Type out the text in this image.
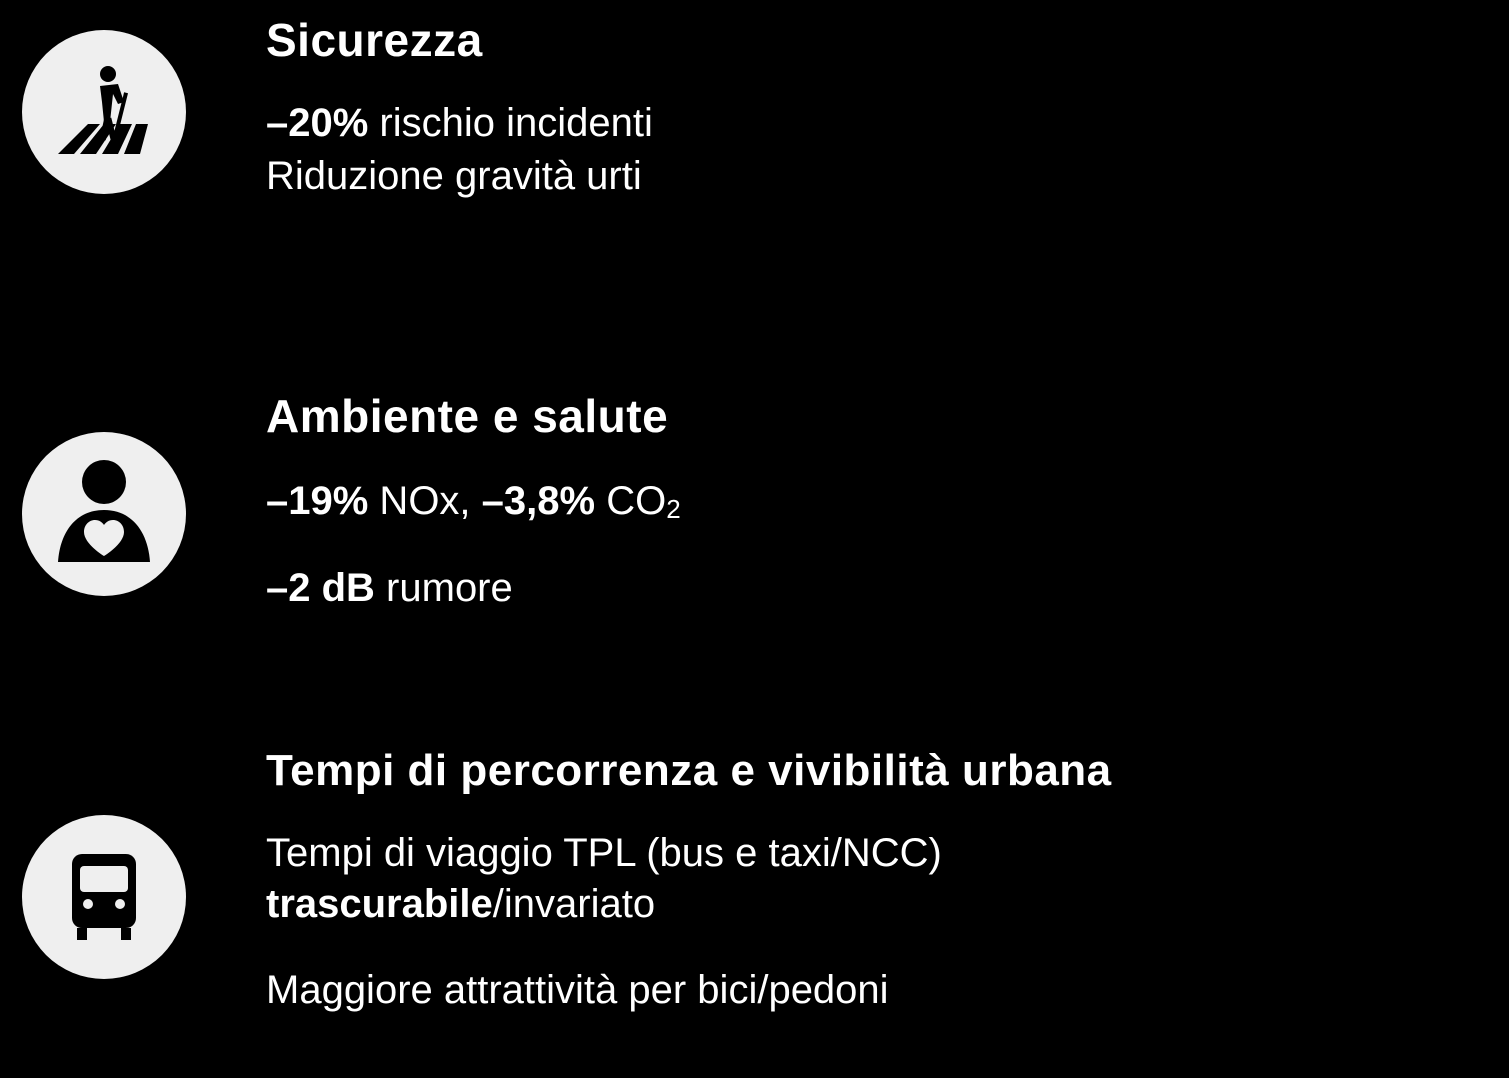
Sicurezza
–20% rischio incidenti
Riduzione gravità urti
Ambiente e salute
–19% NOx, –3,8% CO2
–2 dB rumore
Tempi di percorrenza e vivibilità urbana
Tempi di viaggio TPL (bus e taxi/NCC)
trascurabile/invariato
Maggiore attrattività per bici/pedoni
